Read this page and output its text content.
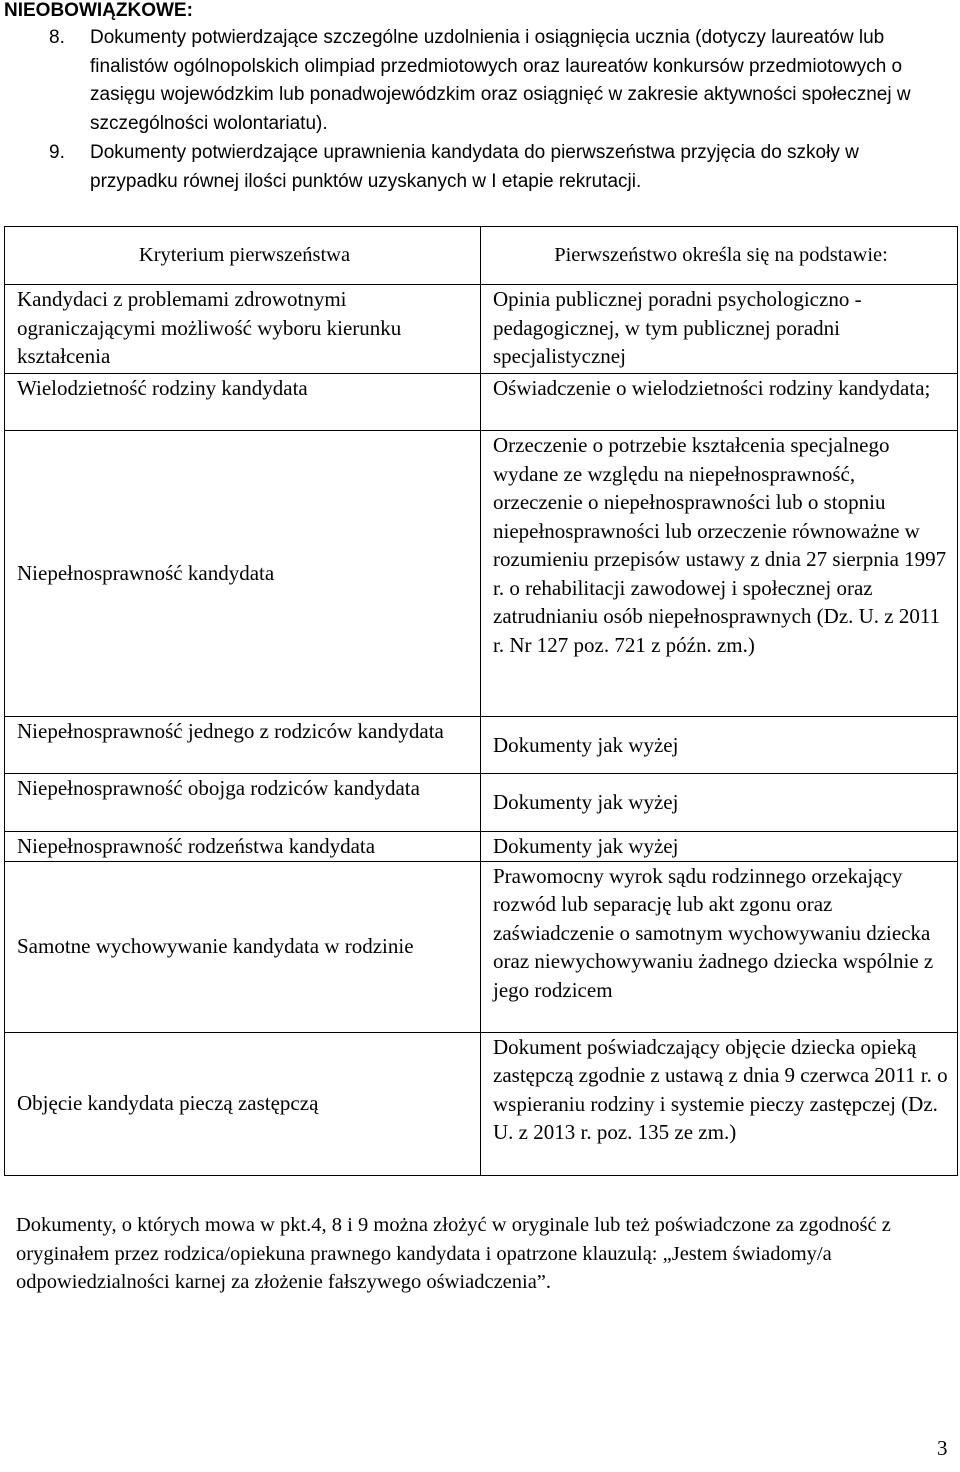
NIEOBOWIĄZKOWE:
8. Dokumenty potwierdzające szczególne uzdolnienia i osiągnięcia ucznia (dotyczy laureatów lub finalistów ogólnopolskich olimpiad przedmiotowych oraz laureatów konkursów przedmiotowych o zasięgu wojewódzkim lub ponadwojewódzkim oraz osiągnięć w zakresie aktywności społecznej w szczególności wolontariatu).
9. Dokumenty potwierdzające uprawnienia kandydata do pierwszeństwa przyjęcia do szkoły w przypadku równej ilości punktów uzyskanych w I etapie rekrutacji.
Kryterium pierwszeństwa	Pierwszeństwo określa się na podstawie:
Kandydaci z problemami zdrowotnymi ograniczającymi możliwość wyboru kierunku kształcenia	Opinia publicznej poradni psychologiczno - pedagogicznej, w tym publicznej poradni specjalistycznej
Wielodzietność rodziny kandydata	Oświadczenie o wielodzietności rodziny kandydata;
Niepełnosprawność kandydata	Orzeczenie o potrzebie kształcenia specjalnego wydane ze względu na niepełnosprawność, orzeczenie o niepełnosprawności lub o stopniu niepełnosprawności lub orzeczenie równoważne w rozumieniu przepisów ustawy z dnia 27 sierpnia 1997 r. o rehabilitacji zawodowej i społecznej oraz zatrudnianiu osób niepełnosprawnych (Dz. U. z 2011 r. Nr 127 poz. 721 z późn. zm.)
Niepełnosprawność jednego z rodziców kandydata	Dokumenty jak wyżej
Niepełnosprawność obojga rodziców kandydata	Dokumenty jak wyżej
Niepełnosprawność rodzeństwa kandydata	Dokumenty jak wyżej
Samotne wychowywanie kandydata w rodzinie	Prawomocny wyrok sądu rodzinnego orzekający rozwód lub separację lub akt zgonu oraz zaświadczenie o samotnym wychowywaniu dziecka oraz niewychowywaniu żadnego dziecka wspólnie z jego rodzicem
Objęcie kandydata pieczą zastępczą	Dokument poświadczający objęcie dziecka opieką zastępczą zgodnie z ustawą z dnia 9 czerwca 2011 r. o wspieraniu rodziny i systemie pieczy zastępczej (Dz. U. z 2013 r. poz. 135 ze zm.)
Dokumenty, o których mowa w pkt.4, 8 i 9 można złożyć w oryginale lub też poświadczone za zgodność z oryginałem przez rodzica/opiekuna prawnego kandydata i opatrzone klauzulą: „Jestem świadomy/a odpowiedzialności karnej za złożenie fałszywego oświadczenia”.
3
